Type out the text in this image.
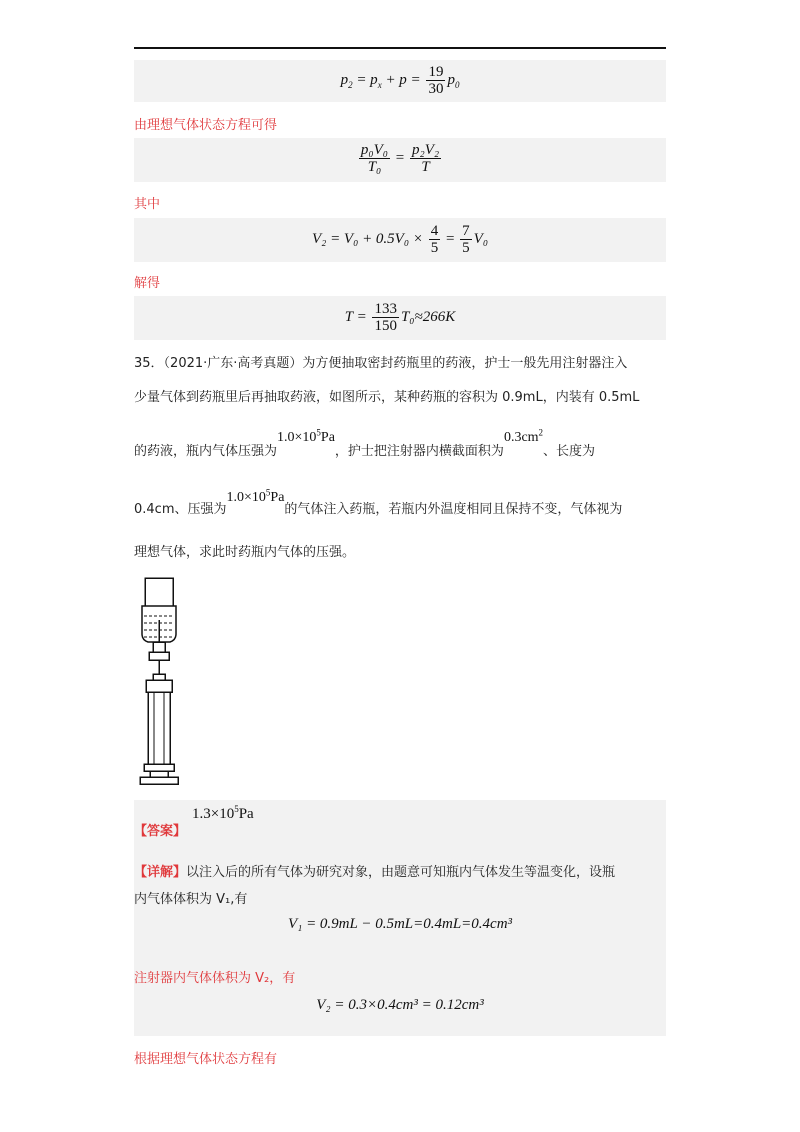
$p_2 = p_x + p = \frac{19}{30} p_0$
由理想气体状态方程可得
$\frac{\text{p₀V₀}}{\text{T₀}} = \frac{\text{p₂V₂}}{T}$
其中
$V_2 = V_0 + 0.5V_0 \times \frac{4}{5} = \frac{7}{5} V_0$
解得
$T = \frac{133}{150} T_0\approx 266K$
35．（2021·广东·高考真题）为方便抽取密封药瓶里的药液，护士一般先用注射器注入
少量气体到药瓶里后再抽取药液，如图所示，某种药瓶的容积为 0.9mL，内装有 0.5mL
的药液，瓶内气体压强为$1.0\times 10^5Pa$，护士把注射器内横截面积为$0.3cm^2$、长度为
0.4cm、压强为$1.0\times 10^5Pa$的气体注入药瓶，若瓶内外温度相同且保持不变，气体视为
理想气体，求此时药瓶内气体的压强。
【答案】
$1.3\times 10^5Pa$
【详解】以注入后的所有气体为研究对象，由题意可知瓶内气体发生等温变化，设瓶
内气体体积为 V₁,有
V₁ = 0.9mL − 0.5mL=0.4mL=0.4cm³
注射器内气体体积为 V₂，有
V₂ = 0.3×0.4cm³ = 0.12cm³
根据理想气体状态方程有
